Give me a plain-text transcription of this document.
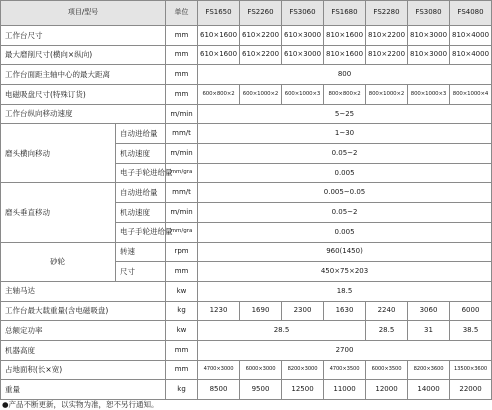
项目/型号		单位	FS1650	FS2260	FS3060	FS1680	FS2280	FS3080	FS4080
工作台尺寸		mm	610×1600	610×2200	610×3000	810×1600	810×2200	810×3000	810×4000
最大磨削尺寸(横向×纵向)		mm	610×1600	610×2200	610×3000	810×1600	810×2200	810×3000	810×4000
工作台面距主轴中心的最大距离		mm	800						
电磁吸盘尺寸(特殊订货)		mm	600×800×2	600×1000×2	600×1000×3	800×800×2	800×1000×2	800×1000×3	800×1000×4
工作台纵向移动速度		m/min	5~25						
磨头横向移动	自动进给量	mm/t	1~30						
	机动速度	m/min	0.05~2						
	电子手轮进给量	mm/gra	0.005						
磨头垂直移动	自动进给量	mm/t	0.005~0.05						
	机动速度	m/min	0.05~2						
	电子手轮进给量	mm/gra	0.005						
砂轮	转速	rpm	960(1450)						
	尺寸	mm	450×75×203						
主轴马达		kw	18.5						
工作台最大载重量(含电磁吸盘)		kg	1230	1690	2300	1630	2240	3060	6000
总额定功率		kw	28.5				28.5	31	38.5
机器高度		mm	2700						
占地面积(长×宽)		mm	4700×3000	6000×3000	8200×3000	4700×3500	6000×3500	8200×3600	13500×3600
重量		kg	8500	9500	12500	11000	12000	14000	22000
●产品不断更新，以实物为准，恕不另行通知。
